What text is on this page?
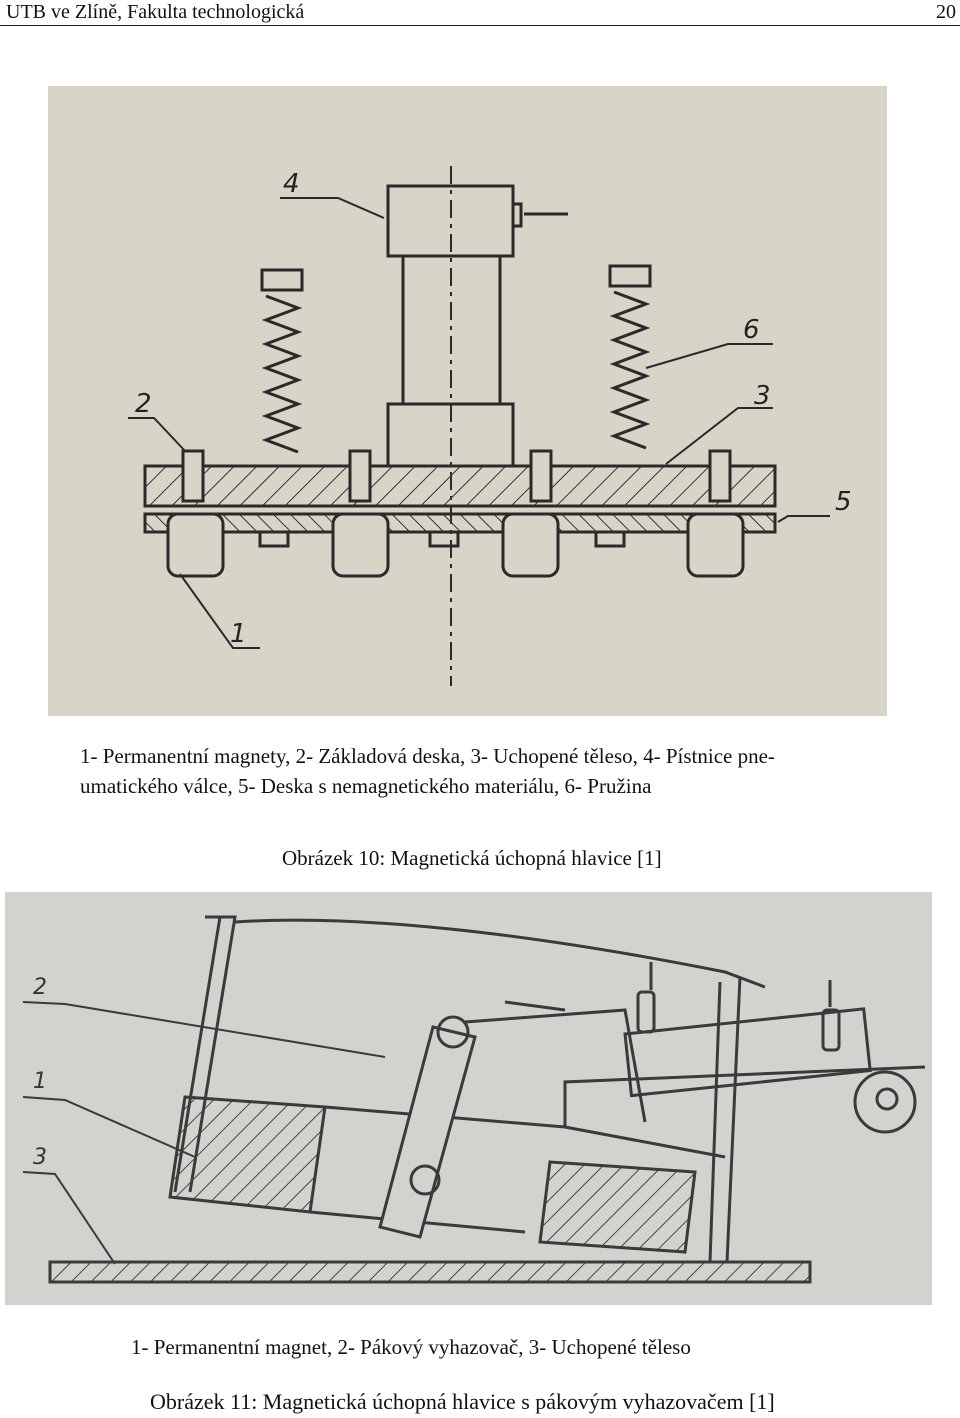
UTB ve Zlíně, Fakulta technologická	20
1
2	3
4
5
6
1- Permanentní magnety, 2- Základová deska, 3- Uchopené těleso, 4- Pístnice pne-
umatického válce, 5- Deska s nemagnetického materiálu, 6- Pružina
Obrázek 10: Magnetická úchopná hlavice [1]
1
2
3
1- Permanentní magnet, 2- Pákový vyhazovač, 3- Uchopené těleso
Obrázek 11: Magnetická úchopná hlavice s pákovým vyhazovačem [1]
